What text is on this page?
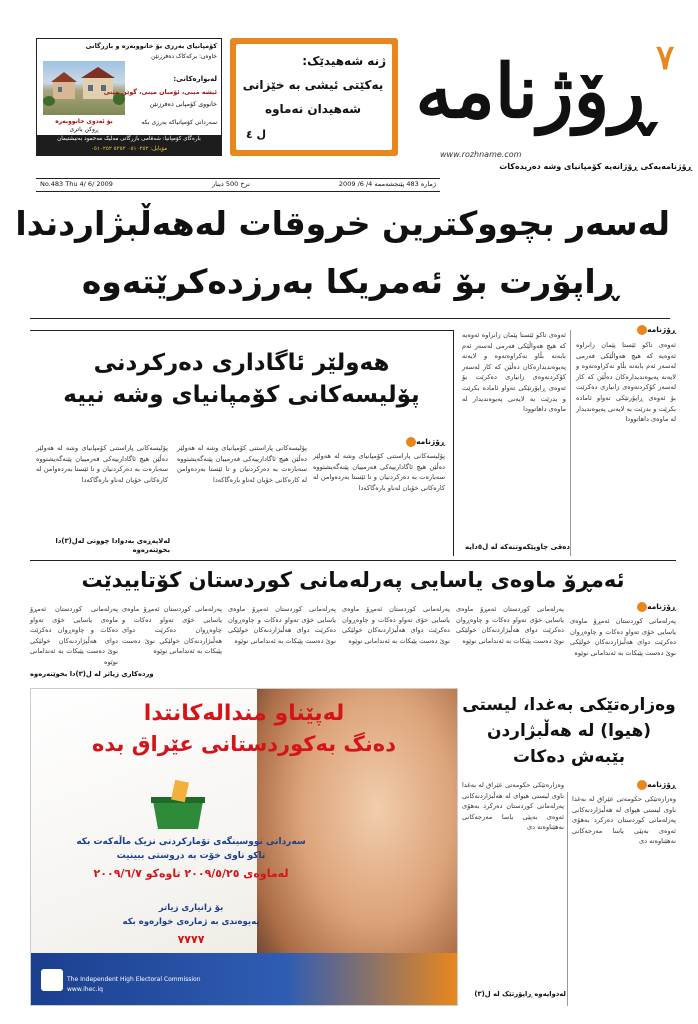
کۆمپانیای بەرزی بۆ خانووبەرە و بازرگانی
خاوەن: برکەکاک دەفرزنێن
لەبوارەکانی:
ئیشە مینی، ئۆمبان مینی، گوێن مینی
خانووی کۆمپانی دەفرزنێن
بۆ ئەدوی خانووبەرە
ڕوکن باتری
سەردانی کۆمپانیاکە بەرزی بکە
بارەگای کۆمپانیا: شەقامی بازرگانی مەلیک مەحمود بەنیشتیمان
مۆبایل: ٠٥١٠٢٥٢ ٥٢٥٢ ٠٥١٠٢٥٢
ژنە شەهیدێک:
یەکێتی ئیشی بە خێزانی
شەهیدان نەماوە
ل ٤ ڕۆژنامە ٧
www.rozhname.com
ڕۆژنامەیەکی ڕۆژانەیە کۆمپانیای وشە دەریدەکات
No.483 Thu 4/ 6/ 2009	نرخ 500 دینار	ژمارە 483 پێنجشەممە 4/ 6/ 2009
لەسەر بچووکترین خروقات لەهەڵبژاردندا
ڕاپۆرت بۆ ئەمریکا بەرزدەکرێتەوە
ڕۆژنامە
ئەوەی تاکو ئێستا پێمان زانراوە ئەوەیە کە هیچ هەواڵێکی فەرمی لەسەر ئەم بابەتە بڵاو نەکراوەتەوە و لایەنە پەیوەندیدارەکان دەڵێن کە کار لەسەر کۆکردنەوەی زانیاری دەکرێت بۆ ئەوەی ڕاپۆرتێکی تەواو ئامادە بکرێت و بدرێت بە لایەنی پەیوەندیدار لە ماوەی داهاتوودا
ئەوەی تاکو ئێستا پێمان زانراوە ئەوەیە کە هیچ هەواڵێکی فەرمی لەسەر ئەم بابەتە بڵاو نەکراوەتەوە و لایەنە پەیوەندیدارەکان دەڵێن کە کار لەسەر کۆکردنەوەی زانیاری دەکرێت بۆ ئەوەی ڕاپۆرتێکی تەواو ئامادە بکرێت و بدرێت بە لایەنی پەیوەندیدار لە ماوەی داهاتوودا
دەقی چاوپێکەوتنەکە لە ل٥دایە
هەولێر ئاگاداری دەرکردنی
پۆلیسەکانی کۆمپانیای وشە نییە
ڕۆژنامە
پۆلیسەکانی پاراستنی کۆمپانیای وشە لە هەولێر دەڵێن هیچ ئاگادارییەکی فەرمییان پێنەگەیشتووە سەبارەت بە دەرکردنیان و تا ئێستا بەردەوامن لە کارەکانی خۆیان لەناو بارەگاکەدا
پۆلیسەکانی پاراستنی کۆمپانیای وشە لە هەولێر دەڵێن هیچ ئاگادارییەکی فەرمییان پێنەگەیشتووە سەبارەت بە دەرکردنیان و تا ئێستا بەردەوامن لە کارەکانی خۆیان لەناو بارەگاکەدا
پۆلیسەکانی پاراستنی کۆمپانیای وشە لە هەولێر دەڵێن هیچ ئاگادارییەکی فەرمییان پێنەگەیشتووە سەبارەت بە دەرکردنیان و تا ئێستا بەردەوامن لە کارەکانی خۆیان لەناو بارەگاکەدا
لەلاپەڕەی بەدوادا چوونی لەل(٣)دا بخوێنەرەوە
ئەمڕۆ ماوەی یاسایی پەرلەمانی کوردستان کۆتاییدێت
ڕۆژنامە
پەرلەمانی کوردستان ئەمڕۆ ماوەی یاسایی خۆی تەواو دەکات و چاوەڕوان دەکرێت دوای هەڵبژاردنەکان خولێکی نوێ دەست پێبکات بە ئەندامانی نوێوە
پەرلەمانی کوردستان ئەمڕۆ ماوەی یاسایی خۆی تەواو دەکات و چاوەڕوان دەکرێت دوای هەڵبژاردنەکان خولێکی نوێ دەست پێبکات بە ئەندامانی نوێوە
پەرلەمانی کوردستان ئەمڕۆ ماوەی یاسایی خۆی تەواو دەکات و چاوەڕوان دەکرێت دوای هەڵبژاردنەکان خولێکی نوێ دەست پێبکات بە ئەندامانی نوێوە
پەرلەمانی کوردستان ئەمڕۆ ماوەی یاسایی خۆی تەواو دەکات و چاوەڕوان دەکرێت دوای هەڵبژاردنەکان خولێکی نوێ دەست پێبکات بە ئەندامانی نوێوە
پەرلەمانی کوردستان ئەمڕۆ ماوەی یاسایی خۆی تەواو دەکات و چاوەڕوان دەکرێت دوای هەڵبژاردنەکان خولێکی نوێ دەست پێبکات بە ئەندامانی نوێوە
پەرلەمانی کوردستان ئەمڕۆ ماوەی یاسایی خۆی تەواو دەکات و چاوەڕوان دەکرێت دوای هەڵبژاردنەکان خولێکی نوێ دەست پێبکات بە ئەندامانی نوێوە
وردەکاری زیاتر لە ل(٣)دا بخوێنەرەوە
لەپێناو مندالەکانتدا
دەنگ بەکوردستانی عێراق بدە
سەردانی نووسینگەی تۆمارکردنی نزیک ماڵەکەت بکە
تاکو ناوی خۆت بە دروستی ببینیت
لەماوەی ٢٠٠٩/٥/٢٥ تاوەکو ٢٠٠٩/٦/٧
بۆ زانیاری زیاتر
پەیوەندی بە ژمارەی خوارەوە بکە
٧٧٧٧
The Independent High Electoral Commission
www.ihec.iq
وەزارەتێکی بەغدا، لیستی
(هیوا) لە هەڵبژاردن
بێبەش دەکات
ڕۆژنامە
وەزارەتێکی حکومەتی عێراق لە بەغدا ناوی لیستی هیوای لە هەڵبژاردنەکانی پەرلەمانی کوردستان دەرکرد بەهۆی ئەوەی بەپێی یاسا مەرجەکانی نەهێناوەتە دی
وەزارەتێکی حکومەتی عێراق لە بەغدا ناوی لیستی هیوای لە هەڵبژاردنەکانی پەرلەمانی کوردستان دەرکرد بەهۆی ئەوەی بەپێی یاسا مەرجەکانی نەهێناوەتە دی
لەدوایەوە ڕاپۆرتێک لە ل(٣)
